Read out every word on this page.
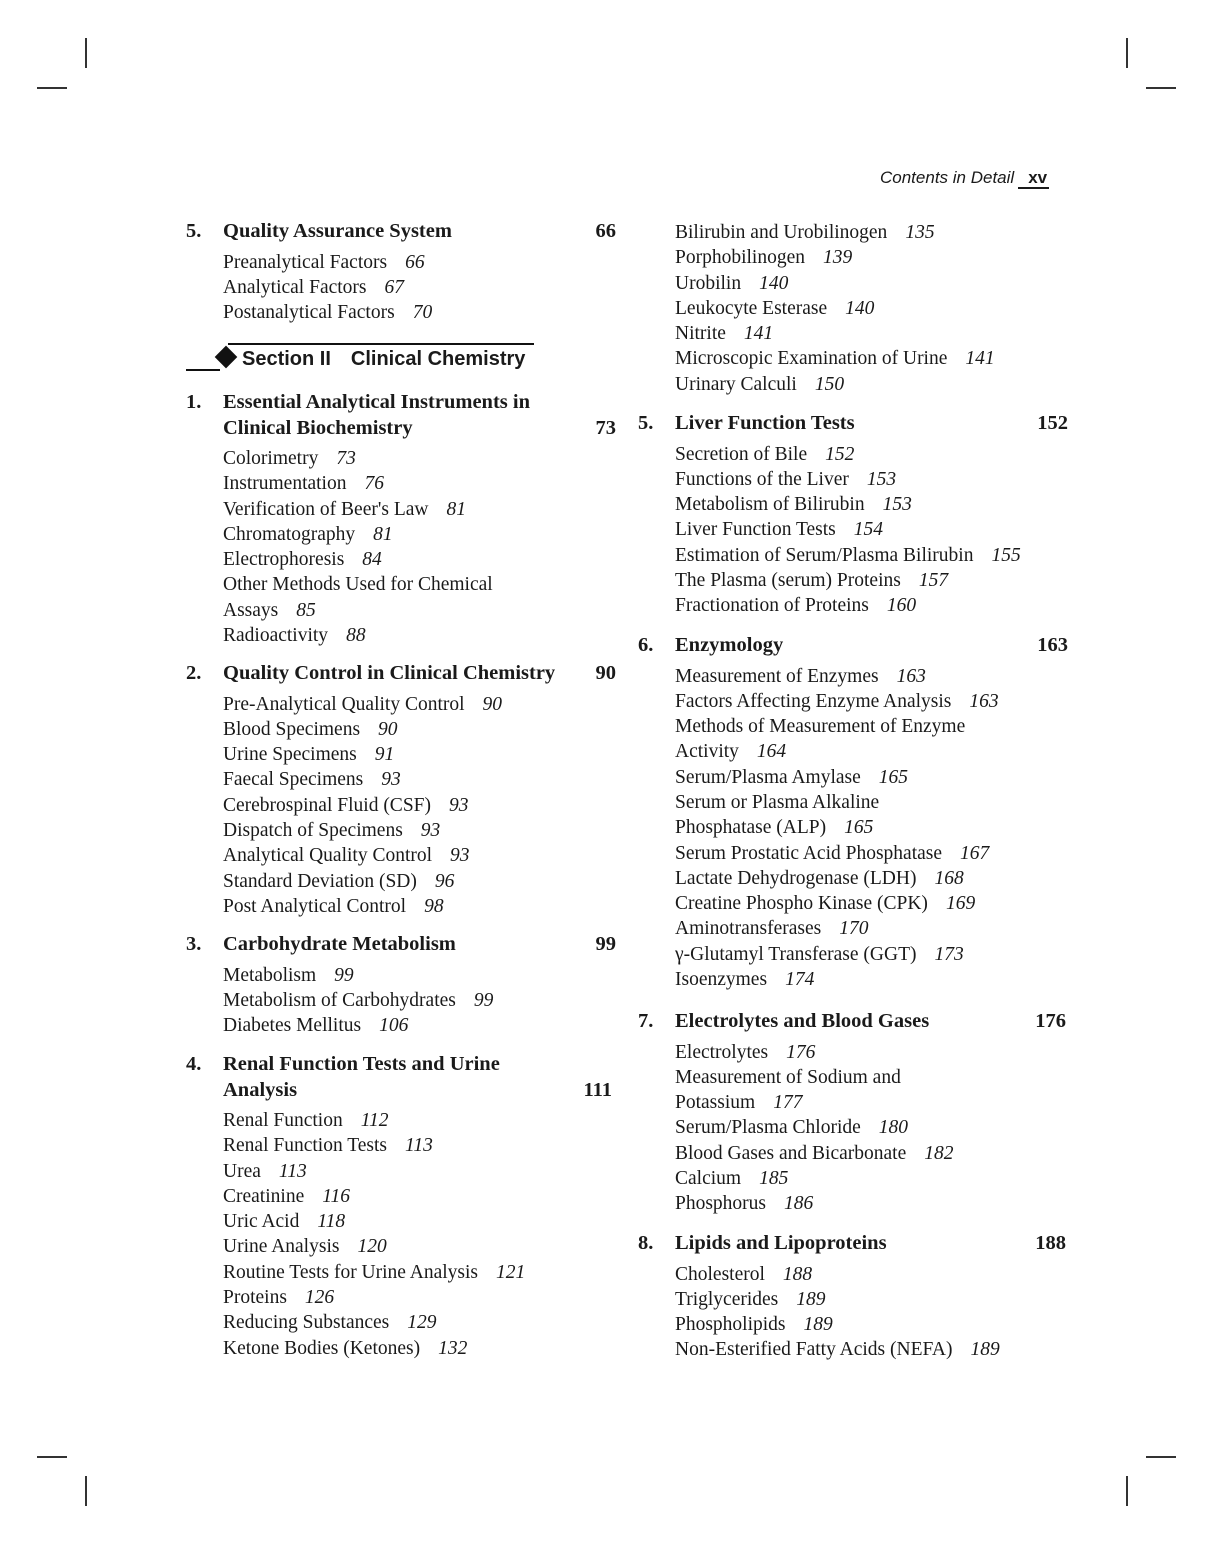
Contents in Detail xv
5. Quality Assurance System	66
Preanalytical Factors 66
Analytical Factors 67
Postanalytical Factors 70
Section II Clinical Chemistry
1. Essential Analytical Instruments in
Clinical Biochemistry	73
Colorimetry 73
Instrumentation 76
Verification of Beer's Law 81
Chromatography 81
Electrophoresis 84
Other Methods Used for Chemical
Assays 85
Radioactivity 88
2. Quality Control in Clinical Chemistry	90
Pre-Analytical Quality Control 90
Blood Specimens 90
Urine Specimens 91
Faecal Specimens 93
Cerebrospinal Fluid (CSF) 93
Dispatch of Specimens 93
Analytical Quality Control 93
Standard Deviation (SD) 96
Post Analytical Control 98
3. Carbohydrate Metabolism	99
Metabolism 99
Metabolism of Carbohydrates 99
Diabetes Mellitus 106
4. Renal Function Tests and Urine
Analysis	111
Renal Function 112
Renal Function Tests 113
Urea 113
Creatinine 116
Uric Acid 118
Urine Analysis 120
Routine Tests for Urine Analysis 121
Proteins 126
Reducing Substances 129
Ketone Bodies (Ketones) 132
Bilirubin and Urobilinogen 135
Porphobilinogen 139
Urobilin 140
Leukocyte Esterase 140
Nitrite 141
Microscopic Examination of Urine 141
Urinary Calculi 150
5. Liver Function Tests	152
Secretion of Bile 152
Functions of the Liver 153
Metabolism of Bilirubin 153
Liver Function Tests 154
Estimation of Serum/Plasma Bilirubin 155
The Plasma (serum) Proteins 157
Fractionation of Proteins 160
6. Enzymology	163
Measurement of Enzymes 163
Factors Affecting Enzyme Analysis 163
Methods of Measurement of Enzyme
Activity 164
Serum/Plasma Amylase 165
Serum or Plasma Alkaline
Phosphatase (ALP) 165
Serum Prostatic Acid Phosphatase 167
Lactate Dehydrogenase (LDH) 168
Creatine Phospho Kinase (CPK) 169
Aminotransferases 170
γ-Glutamyl Transferase (GGT) 173
Isoenzymes 174
7. Electrolytes and Blood Gases	176
Electrolytes 176
Measurement of Sodium and
Potassium 177
Serum/Plasma Chloride 180
Blood Gases and Bicarbonate 182
Calcium 185
Phosphorus 186
8. Lipids and Lipoproteins	188
Cholesterol 188
Triglycerides 189
Phospholipids 189
Non-Esterified Fatty Acids (NEFA) 189
